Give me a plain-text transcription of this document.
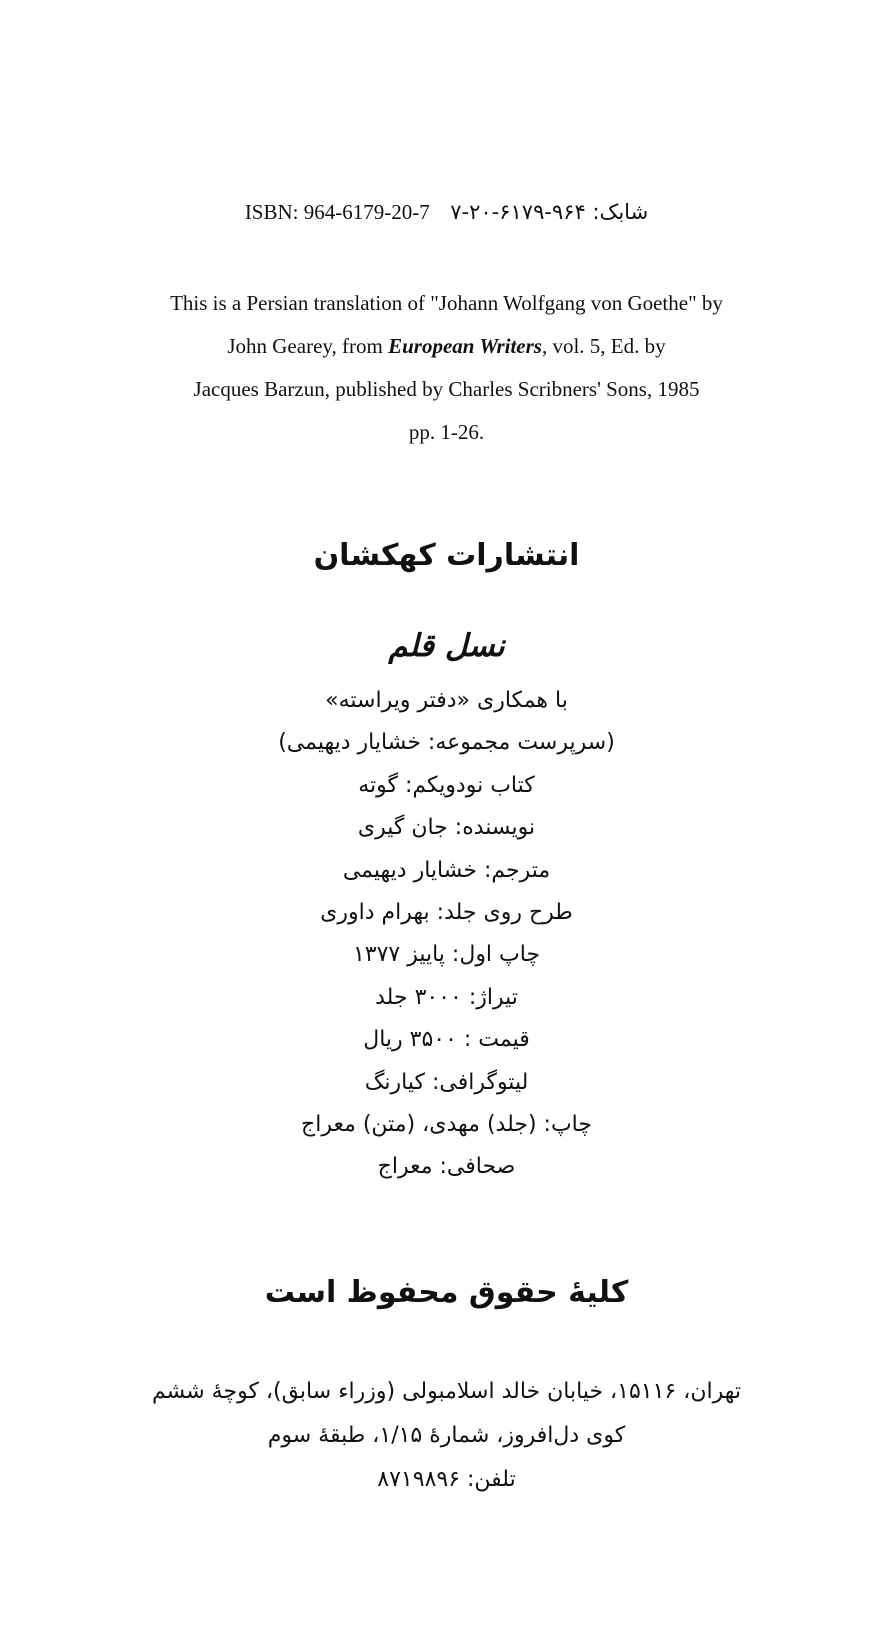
ISBN: 964-6179-20-7 شابک: ۹۶۴-۶۱۷۹-۲۰-۷
This is a Persian translation of "Johann Wolfgang von Goethe" by
John Gearey, from European Writers, vol. 5, Ed. by
Jacques Barzun, published by Charles Scribners' Sons, 1985
pp. 1-26.
انتشارات کهکشان
نسل قلم
با همکاری «دفتر ویراسته»
(سرپرست مجموعه: خشایار دیهیمی)
کتاب نودویکم: گوته
نویسنده: جان گیری
مترجم: خشایار دیهیمی
طرح روی جلد: بهرام داوری
چاپ اول: پاییز ۱۳۷۷
تیراژ: ۳۰۰۰ جلد
قیمت : ۳۵۰۰ ریال
لیتوگرافی: کیارنگ
چاپ: (جلد) مهدی، (متن) معراج
صحافی: معراج
کلیهٔ حقوق محفوظ است
تهران، ۱۵۱۱۶، خیابان خالد اسلامبولی (وزراء سابق)، کوچهٔ ششم
کوی دل‌افروز، شمارهٔ ۱/۱۵، طبقهٔ سوم
تلفن: ۸۷۱۹۸۹۶
